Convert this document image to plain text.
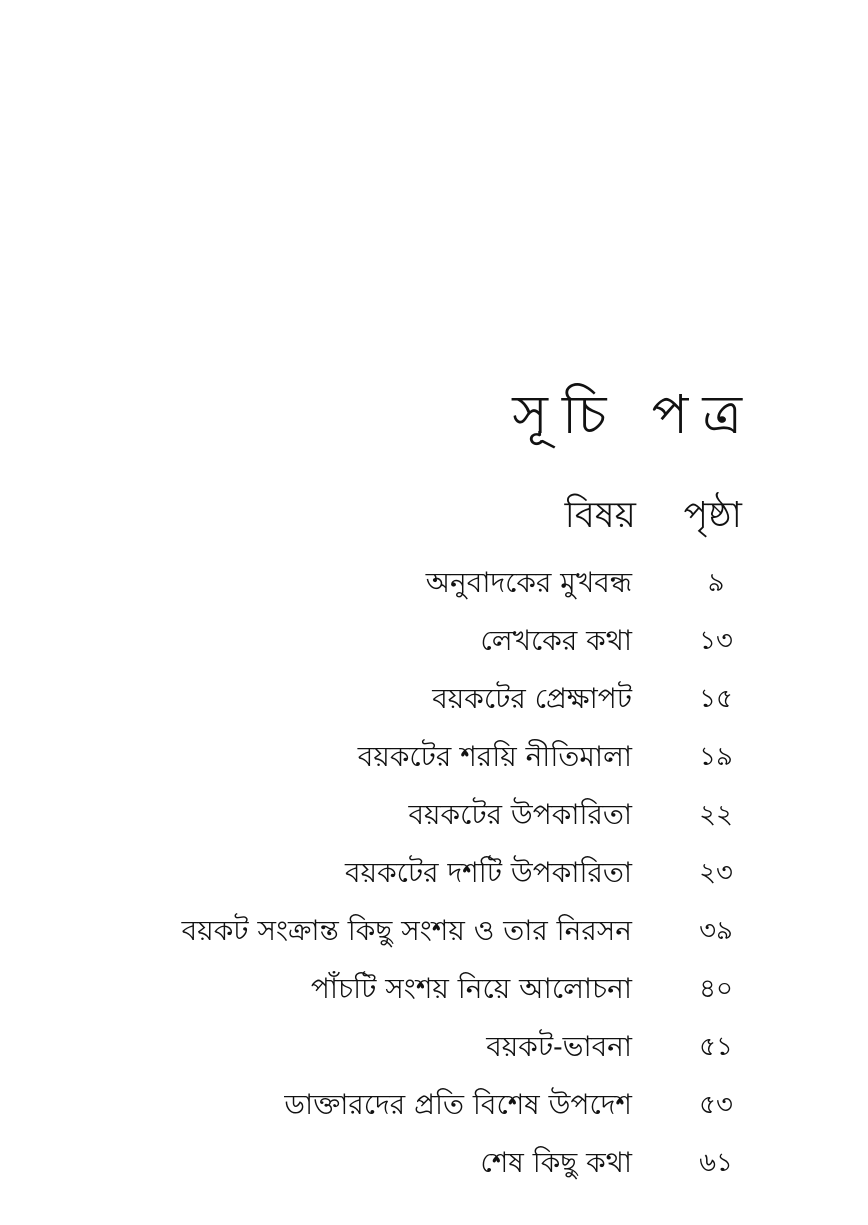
সূচি পত্র
বিষয় পৃষ্ঠা
অনুবাদকের মুখবন্ধ	৯
লেখকের কথা	১৩
বয়কটের প্রেক্ষাপট	১৫
বয়কটের শরয়ি নীতিমালা	১৯
বয়কটের উপকারিতা	২২
বয়কটের দশটি উপকারিতা	২৩
বয়কট সংক্রান্ত কিছু সংশয় ও তার নিরসন	৩৯
পাঁচটি সংশয় নিয়ে আলোচনা	৪০
বয়কট-ভাবনা	৫১
ডাক্তারদের প্রতি বিশেষ উপদেশ	৫৩
শেষ কিছু কথা	৬১
